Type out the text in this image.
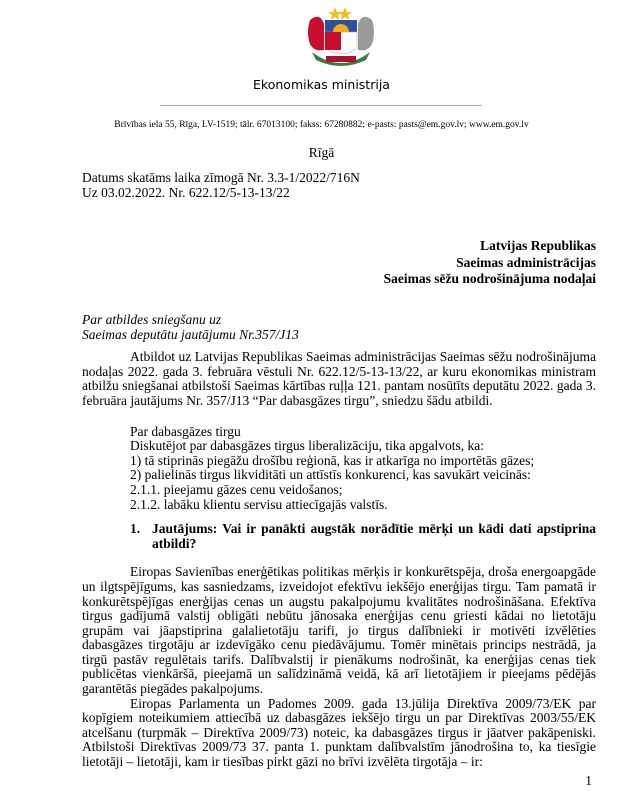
Ekonomikas ministrija
Brīvības iela 55, Rīga, LV-1519; tālr. 67013100; fakss: 67280882; e-pasts: pasts@em.gov.lv; www.em.gov.lv
Rīgā
Datums skatāms laika zīmogā Nr. 3.3-1/2022/716N
Uz 03.02.2022. Nr. 622.12/5-13-13/22
Latvijas Republikas
Saeimas administrācijas
Saeimas sēžu nodrošinājuma nodaļai
Par atbildes sniegšanu uz
Saeimas deputātu jautājumu Nr.357/J13
Atbildot uz Latvijas Republikas Saeimas administrācijas Saeimas sēžu nodrošinājuma nodaļas 2022. gada 3. februāra vēstuli Nr. 622.12/5-13-13/22, ar kuru ekonomikas ministram atbilžu sniegšanai atbilstoši Saeimas kārtības ruļļa 121. pantam nosūtīts deputātu 2022. gada 3. februāra jautājums Nr. 357/J13 “Par dabasgāzes tirgu”, sniedzu šādu atbildi.
Par dabasgāzes tirgu
Diskutējot par dabasgāzes tirgus liberalizāciju, tika apgalvots, ka:
1) tā stiprinās piegāžu drošību reģionā, kas ir atkarīga no importētās gāzes;
2) palielinās tirgus likviditāti un attīstīs konkurenci, kas savukārt veicinās:
2.1.1. pieejamu gāzes cenu veidošanos;
2.1.2. labāku klientu servisu attiecīgajās valstīs.
1. Jautājums: Vai ir panākti augstāk norādītie mērķi un kādi dati apstiprina atbildi?
Eiropas Savienības enerģētikas politikas mērķis ir konkurētspēja, droša energoapgāde un ilgtspējīgums, kas sasniedzams, izveidojot efektīvu iekšējo enerģijas tirgu. Tam pamatā ir konkurētspējīgas enerģijas cenas un augstu pakalpojumu kvalitātes nodrošināšana. Efektīva tirgus gadījumā valstij obligāti nebūtu jānosaka enerģijas cenu griesti kādai no lietotāju grupām vai jāapstiprina galalietotāju tarifi, jo tirgus dalībnieki ir motivēti izvēlēties dabasgāzes tirgotāju ar izdevīgāko cenu piedāvājumu. Tomēr minētais princips nestrādā, ja tirgū pastāv regulētais tarifs. Dalībvalstij ir pienākums nodrošināt, ka enerģijas cenas tiek publicētas vienkāršā, pieejamā un salīdzināmā veidā, kā arī lietotājiem ir pieejams pēdējās garantētās piegādes pakalpojums.
Eiropas Parlamenta un Padomes 2009. gada 13.jūlija Direktīva 2009/73/EK par kopīgiem noteikumiem attiecībā uz dabasgāzes iekšējo tirgu un par Direktīvas 2003/55/EK atcelšanu (turpmāk – Direktīva 2009/73) noteic, ka dabasgāzes tirgus ir jāatver pakāpeniski. Atbilstoši Direktīvas 2009/73 37. panta 1. punktam dalībvalstīm jānodrošina to, ka tiesīgie lietotāji – lietotāji, kam ir tiesības pirkt gāzi no brīvi izvēlēta tirgotāja – ir:
1
